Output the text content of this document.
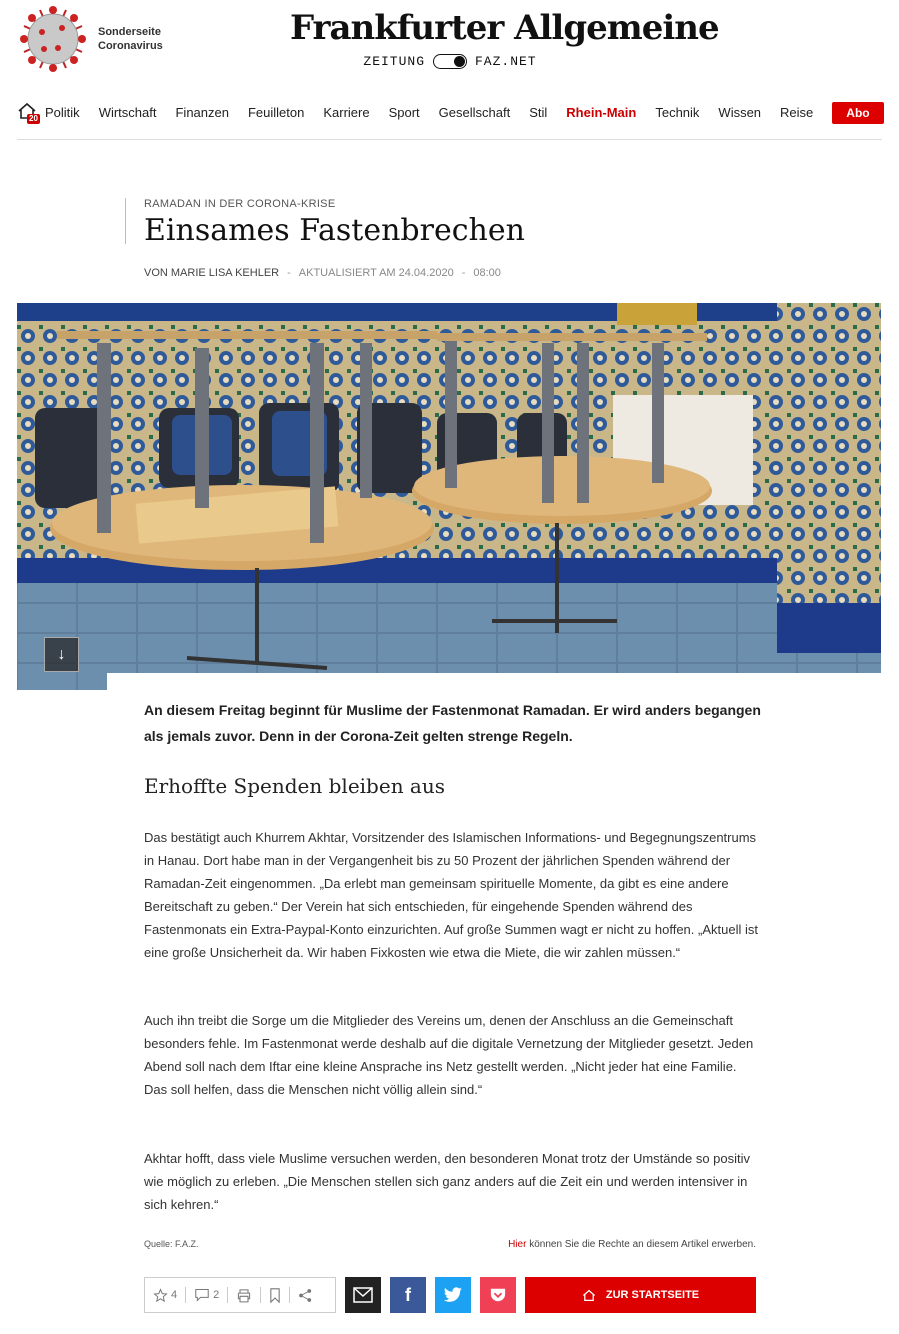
Sonderseite
Coronavirus	Frankfurter Allgemeine
ZEITUNG	FAZ.NET
20 Politik Wirtschaft Finanzen Feuilleton Karriere Sport Gesellschaft Stil Rhein-Main Technik Wissen Reise	Abo
RAMADAN IN DER CORONA-KRISE
Einsames Fastenbrechen
VON MARIE LISA KEHLER - AKTUALISIERT AM 24.04.2020 - 08:00
↓
An diesem Freitag beginnt für Muslime der Fastenmonat Ramadan. Er wird anders begangen als jemals zuvor. Denn in der Corona-Zeit gelten strenge Regeln.
Erhoffte Spenden bleiben aus
Das bestätigt auch Khurrem Akhtar, Vorsitzender des Islamischen Informations- und Begegnungszentrums in Hanau. Dort habe man in der Vergangenheit bis zu 50 Prozent der jährlichen Spenden während der Ramadan-Zeit eingenommen. „Da erlebt man gemeinsam spirituelle Momente, da gibt es eine andere Bereitschaft zu geben.“ Der Verein hat sich entschieden, für eingehende Spenden während des Fastenmonats ein Extra-Paypal-Konto einzurichten. Auf große Summen wagt er nicht zu hoffen. „Aktuell ist eine große Unsicherheit da. Wir haben Fixkosten wie etwa die Miete, die wir zahlen müssen.“
Auch ihn treibt die Sorge um die Mitglieder des Vereins um, denen der Anschluss an die Gemeinschaft besonders fehle. Im Fastenmonat werde deshalb auf die digitale Vernetzung der Mitglieder gesetzt. Jeden Abend soll nach dem Iftar eine kleine Ansprache ins Netz gestellt werden. „Nicht jeder hat eine Familie. Das soll helfen, dass die Menschen nicht völlig allein sind.“
Akhtar hofft, dass viele Muslime versuchen werden, den besonderen Monat trotz der Umstände so positiv wie möglich zu erleben. „Die Menschen stellen sich ganz anders auf die Zeit ein und werden intensiver in sich kehren.“
Quelle: F.A.Z.	Hier können Sie die Rechte an diesem Artikel erwerben.
4	2	f	ZUR STARTSEITE
